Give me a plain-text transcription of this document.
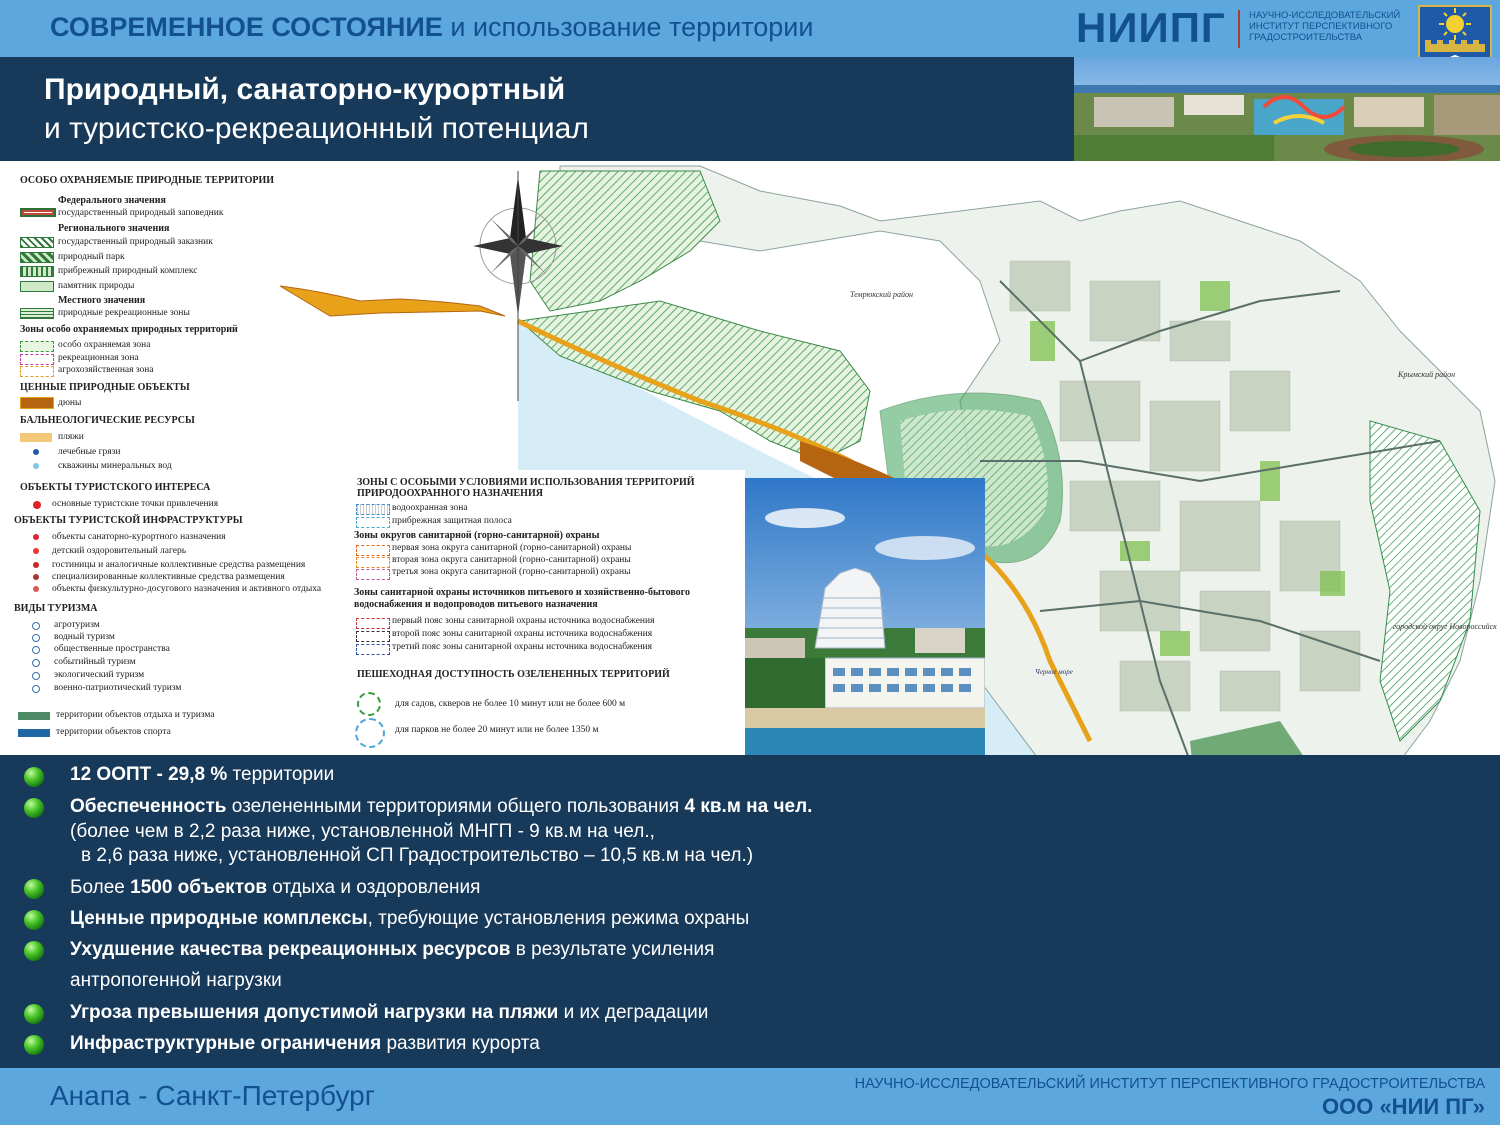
СОВРЕМЕННОЕ СОСТОЯНИЕ и использование территории	НИИПГ НАУЧНО-ИССЛЕДОВАТЕЛЬСКИЙ
ИНСТИТУТ ПЕРСПЕКТИВНОГО
ГРАДОСТРОИТЕЛЬСТВА
Природный, санаторно-курортный
и туристско-рекреационный потенциал
Темрюкский район
Крымский район
городской округ Новороссийск
Черное море
ОСОБО ОХРАНЯЕМЫЕ ПРИРОДНЫЕ ТЕРРИТОРИИ
Федерального значения
государственный природный заповедник
Регионального значения
государственный природный заказник
природный парк
прибрежный природный комплекс
памятник природы
Местного значения
природные рекреационные зоны
Зоны особо охраняемых природных территорий
особо охраняемая зона
рекреационная зона
агрохозяйственная зона
ЦЕННЫЕ ПРИРОДНЫЕ ОБЪЕКТЫ
дюны
БАЛЬНЕОЛОГИЧЕСКИЕ РЕСУРСЫ
пляжи
лечебные грязи
скважины минеральных вод
ОБЪЕКТЫ ТУРИСТСКОГО ИНТЕРЕСА
основные туристские точки привлечения
ОБЪЕКТЫ ТУРИСТСКОЙ ИНФРАСТРУКТУРЫ
объекты санаторно-курортного назначения
детский оздоровительный лагерь
гостиницы и аналогичные коллективные средства размещения
специализированные коллективные средства размещения
объекты физкультурно-досугового назначения и активного отдыха
ВИДЫ ТУРИЗМА
агротуризм
водный туризм
общественные пространства
событийный туризм
экологический туризм
военно-патриотический туризм
территории объектов отдыха и туризма
территории объектов спорта
ЗОНЫ С ОСОБЫМИ УСЛОВИЯМИ ИСПОЛЬЗОВАНИЯ ТЕРРИТОРИЙ
ПРИРОДООХРАННОГО НАЗНАЧЕНИЯ
водоохранная зона
прибрежная защитная полоса
Зоны округов санитарной (горно-санитарной) охраны
первая зона округа санитарной (горно-санитарной) охраны
вторая зона округа санитарной (горно-санитарной) охраны
третья зона округа санитарной (горно-санитарной) охраны
Зоны санитарной охраны источников питьевого и хозяйственно-бытового
водоснабжения и водопроводов питьевого назначения
первый пояс зоны санитарной охраны источника водоснабжения
второй пояс зоны санитарной охраны источника водоснабжения
третий пояс зоны санитарной охраны источника водоснабжения
ПЕШЕХОДНАЯ ДОСТУПНОСТЬ ОЗЕЛЕНЕННЫХ ТЕРРИТОРИЙ
для садов, скверов не более 10 минут или не более 600 м
для парков не более 20 минут или не более 1350 м
12 ООПТ - 29,8 % территории
Обеспеченность озелененными территориями общего пользования 4 кв.м на чел.
(более чем в 2,2 раза ниже, установленной МНГП - 9 кв.м на чел.,
в 2,6 раза ниже, установленной СП Градостроительство – 10,5 кв.м на чел.)
Более 1500 объектов отдыха и оздоровления
Ценные природные комплексы, требующие установления режима охраны
Ухудшение качества рекреационных ресурсов в результате усиления
антропогенной нагрузки
Угроза превышения допустимой нагрузки на пляжи и их деградации
Инфраструктурные ограничения развития курорта
Анапа - Санкт-Петербург	НАУЧНО-ИССЛЕДОВАТЕЛЬСКИЙ ИНСТИТУТ ПЕРСПЕКТИВНОГО ГРАДОСТРОИТЕЛЬСТВА
ООО «НИИ ПГ»
